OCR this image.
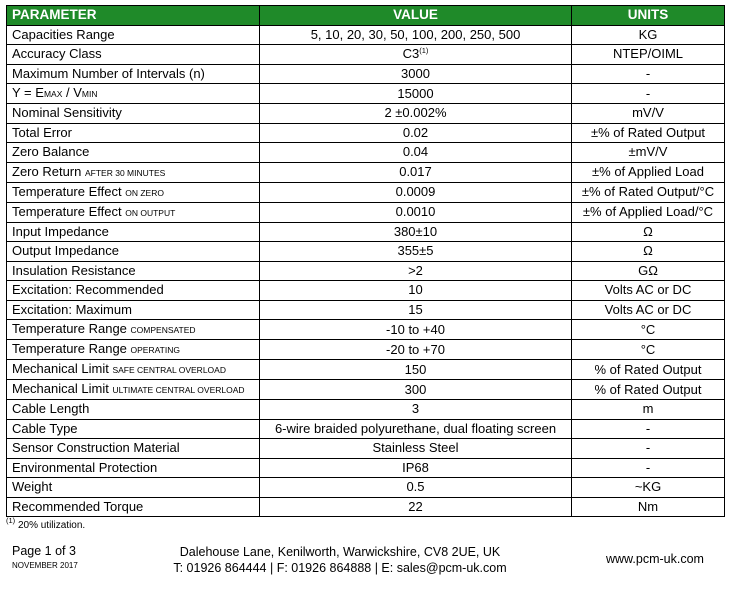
PARAMETER	VALUE	UNITS
Capacities Range	5, 10, 20, 30, 50, 100, 200, 250, 500	KG
Accuracy Class	C3$^{(1)}$	NTEP/OIML
Maximum Number of Intervals (n)	3000	-
Y = EMAX / VMIN	15000	-
Nominal Sensitivity	2 ±0.002%	mV/V
Total Error	0.02	±% of Rated Output
Zero Balance	0.04	±mV/V
Zero Return AFTER 30 MINUTES	0.017	±% of Applied Load
Temperature Effect ON ZERO	0.0009	±% of Rated Output/°C
Temperature Effect ON OUTPUT	0.0010	±% of Applied Load/°C
Input Impedance	380±10	Ω
Output Impedance	355±5	Ω
Insulation Resistance	>2	GΩ
Excitation: Recommended	10	Volts AC or DC
Excitation: Maximum	15	Volts AC or DC
Temperature Range COMPENSATED	-10 to +40	°C
Temperature Range OPERATING	-20 to +70	°C
Mechanical Limit SAFE CENTRAL OVERLOAD	150	% of Rated Output
Mechanical Limit ULTIMATE CENTRAL OVERLOAD	300	% of Rated Output
Cable Length	3	m
Cable Type	6-wire braided polyurethane, dual floating screen	-
Sensor Construction Material	Stainless Steel	-
Environmental Protection	IP68	-
Weight	0.5	~KG
Recommended Torque	22	Nm
$^{(1)}$ 20% utilization.
Page 1 of 3
NOVEMBER 2017
Dalehouse Lane, Kenilworth, Warwickshire, CV8 2UE, UK
T: 01926 864444 | F: 01926 864888 | E: sales@pcm-uk.com
www.pcm-uk.com
